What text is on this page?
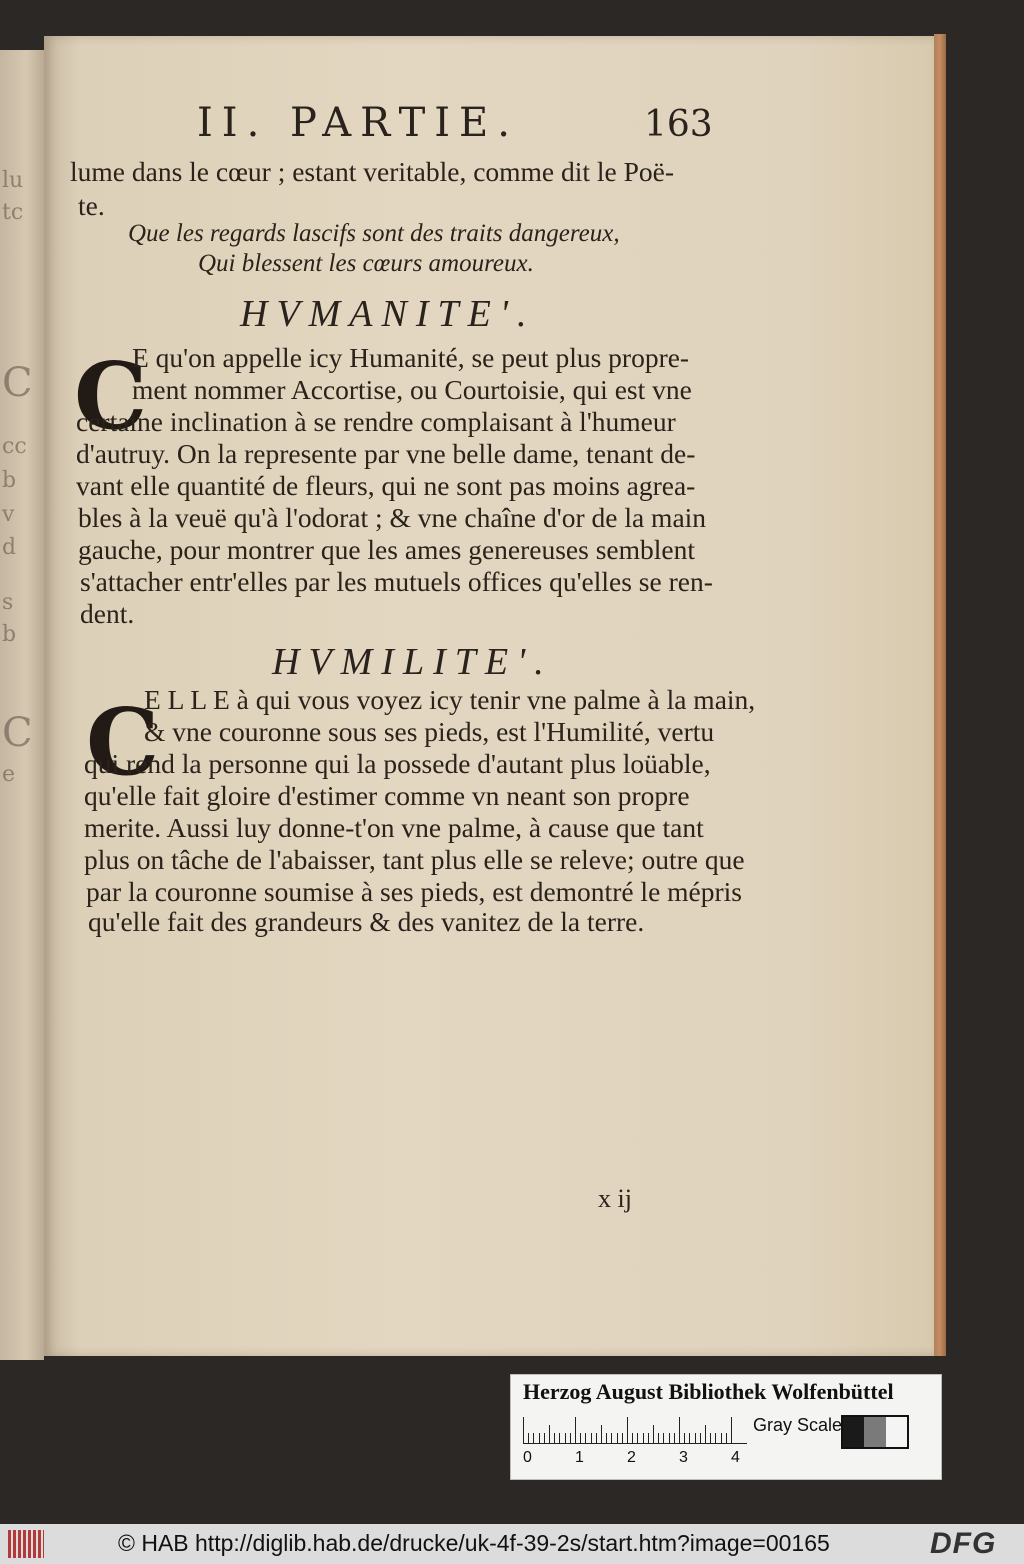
lu
tc
C
cc
b
v
d
s
b
C
e
II. PARTIE.	163
lume dans le cœur ; estant veritable, comme dit le Poë-
te.
Que les regards lascifs sont des traits dangereux,
Qui blessent les cœurs amoureux.
HVMANITE'.
C
E qu'on appelle icy Humanité, se peut plus propre-
ment nommer Accortise, ou Courtoisie, qui est vne
certaine inclination à se rendre complaisant à l'humeur
d'autruy. On la represente par vne belle dame, tenant de-
vant elle quantité de fleurs, qui ne sont pas moins agrea-
bles à la veuë qu'à l'odorat ; & vne chaîne d'or de la main
gauche, pour montrer que les ames genereuses semblent
s'attacher entr'elles par les mutuels offices qu'elles se ren-
dent.
HVMILITE'.
C
E L L E à qui vous voyez icy tenir vne palme à la main,
& vne couronne sous ses pieds, est l'Humilité, vertu
qui rend la personne qui la possede d'autant plus loüable,
qu'elle fait gloire d'estimer comme vn neant son propre
merite. Aussi luy donne-t'on vne palme, à cause que tant
plus on tâche de l'abaisser, tant plus elle se releve; outre que
par la couronne soumise à ses pieds, est demontré le mépris
qu'elle fait des grandeurs & des vanitez de la terre.
x ij
Herzog August Bibliothek Wolfenbüttel
0	1	2	3	4
Gray Scale
© HAB http://diglib.hab.de/drucke/uk-4f-39-2s/start.htm?image=00165	DFG
